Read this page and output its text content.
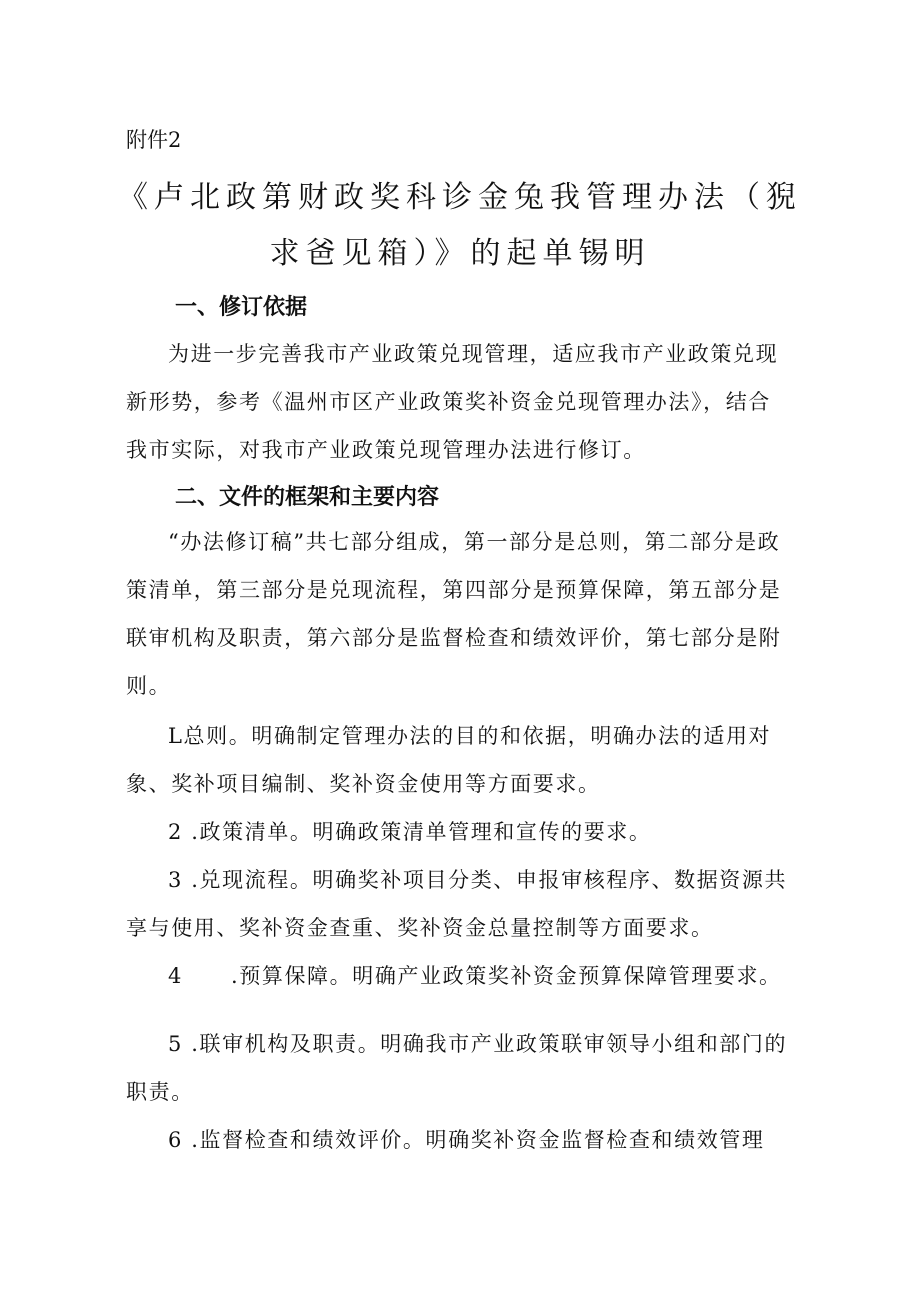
附件2
《卢北政第财政奖科诊金兔我管理办法（猊
求爸见箱）》的起单锡明
一、修订依据
为进一步完善我市产业政策兑现管理，适应我市产业政策兑现新形势，参考《温州市区产业政策奖补资金兑现管理办法》，结合我市实际，对我市产业政策兑现管理办法进行修订。
二、文件的框架和主要内容
“办法修订稿”共七部分组成，第一部分是总则，第二部分是政策清单，第三部分是兑现流程，第四部分是预算保障，第五部分是联审机构及职责，第六部分是监督检查和绩效评价，第七部分是附则。
L总则。明确制定管理办法的目的和依据，明确办法的适用对象、奖补项目编制、奖补资金使用等方面要求。
2 .政策清单。明确政策清单管理和宣传的要求。
3 .兑现流程。明确奖补项目分类、申报审核程序、数据资源共享与使用、奖补资金查重、奖补资金总量控制等方面要求。
4 .预算保障。明确产业政策奖补资金预算保障管理要求。
5 .联审机构及职责。明确我市产业政策联审领导小组和部门的职责。
6 .监督检查和绩效评价。明确奖补资金监督检查和绩效管理
